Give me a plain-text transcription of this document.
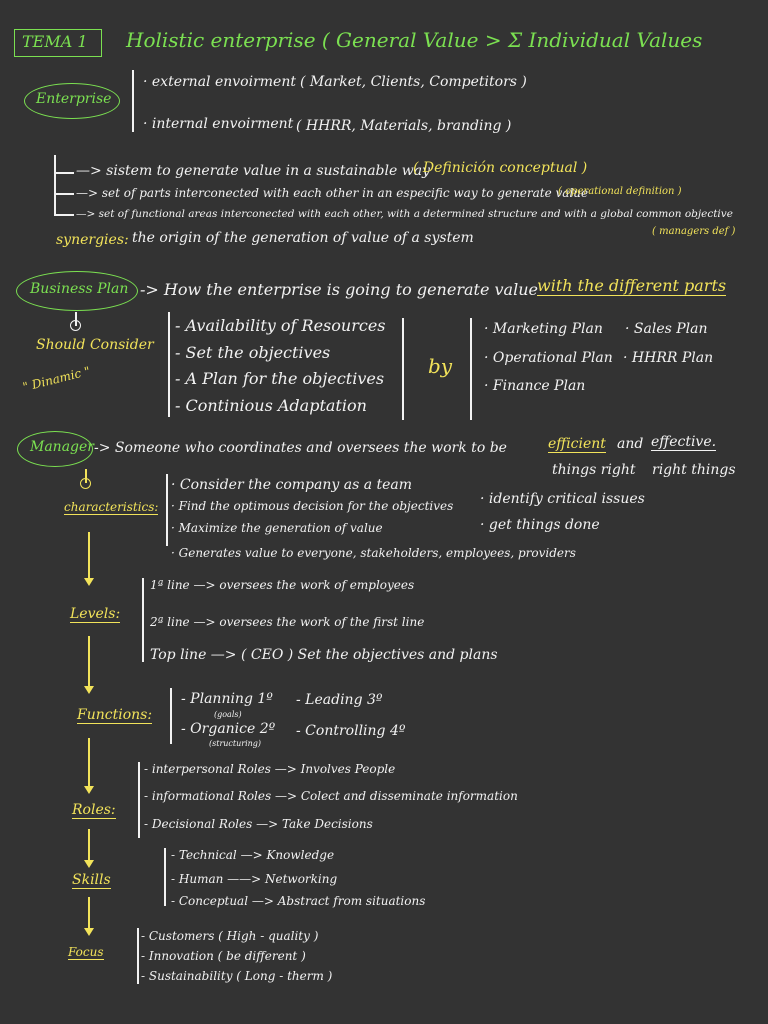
TEMA 1 Holistic enterprise ( General Value > Σ Individual Values
Enterprise
· external envoirment ( Market, Clients, Competitors )
· internal envoirment ( HHRR, Materials, branding )
—> sistem to generate value in a sustainable way
( Definición conceptual )
—> set of parts interconected with each other in an especific way to generate value
( operational definition )
—> set of functional areas interconected with each other, with a determined structure and with a global common objective
( managers def )
synergies: the origin of the generation of value of a system
Business Plan -> How the enterprise is going to generate value with the different parts
Should Consider
" Dinamic "
- Availability of Resources
- Set the objectives
- A Plan for the objectives
- Continious Adaptation
by
· Marketing Plan
· Operational Plan
· Finance Plan
· Sales Plan
· HHRR Plan
Manager -> Someone who coordinates and oversees the work to be	efficient and effective.
things right right things
characteristics:
· Consider the company as a team
· Find the optimous decision for the objectives
· Maximize the generation of value
· Generates value to everyone, stakeholders, employees, providers
· identify critical issues
· get things done
Levels:
1ª line —> oversees the work of employees
2ª line —> oversees the work of the first line
Top line —> ( CEO ) Set the objectives and plans
Functions:
- Planning 1º
(goals)
- Organice 2º
(structuring)
- Leading 3º
- Controlling 4º
Roles:
- interpersonal Roles —> Involves People
- informational Roles —> Colect and disseminate information
- Decisional Roles —> Take Decisions
Skills
- Technical —> Knowledge
- Human ——> Networking
- Conceptual —> Abstract from situations
Focus
- Customers ( High - quality )
- Innovation ( be different )
- Sustainability ( Long - therm )
